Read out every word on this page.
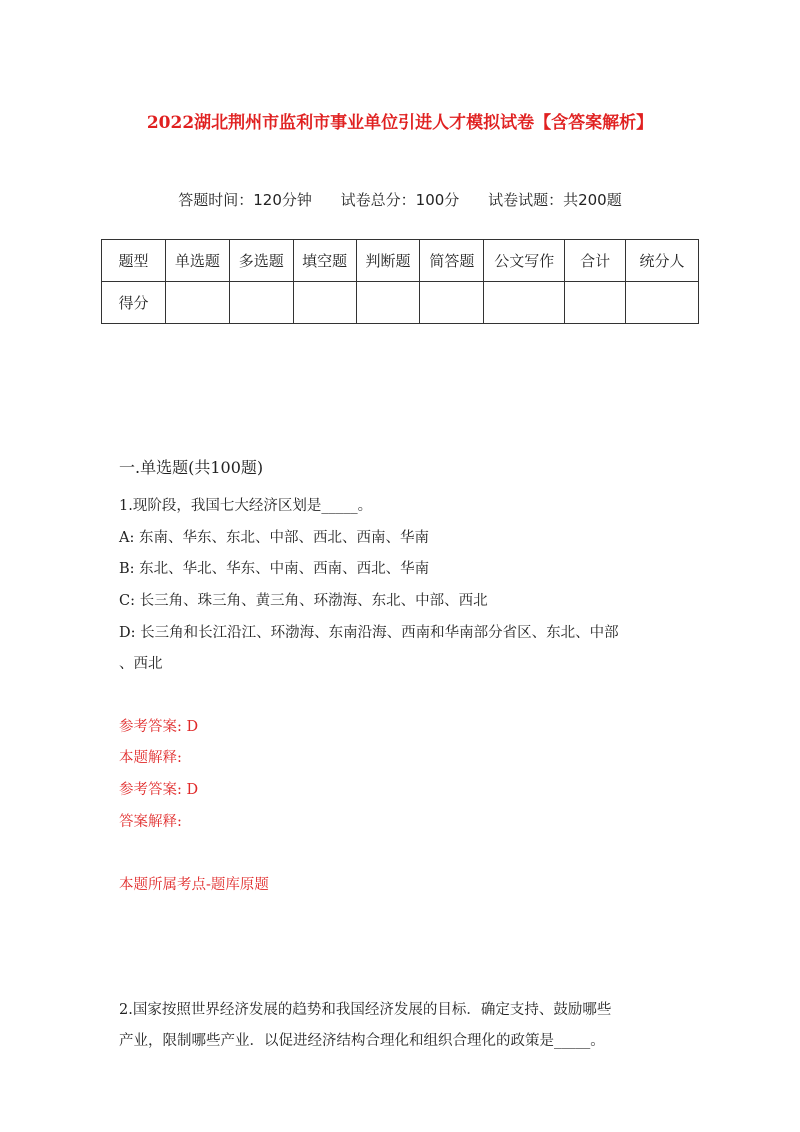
2022湖北荆州市监利市事业单位引进人才模拟试卷【含答案解析】
答题时间：120分钟 试卷总分：100分 试卷试题：共200题
题型	单选题	多选题	填空题	判断题	简答题	公文写作	合计	统分人
得分								
一.单选题(共100题)
1.现阶段，我国七大经济区划是_____。
A: 东南、华东、东北、中部、西北、西南、华南
B: 东北、华北、华东、中南、西南、西北、华南
C: 长三角、珠三角、黄三角、环渤海、东北、中部、西北
D: 长三角和长江沿江、环渤海、东南沿海、西南和华南部分省区、东北、中部
、西北
参考答案: D
本题解释:
参考答案: D
答案解释:
本题所属考点-题库原题
2.国家按照世界经济发展的趋势和我国经济发展的目标．确定支持、鼓励哪些
产业，限制哪些产业．以促进经济结构合理化和组织合理化的政策是_____。
